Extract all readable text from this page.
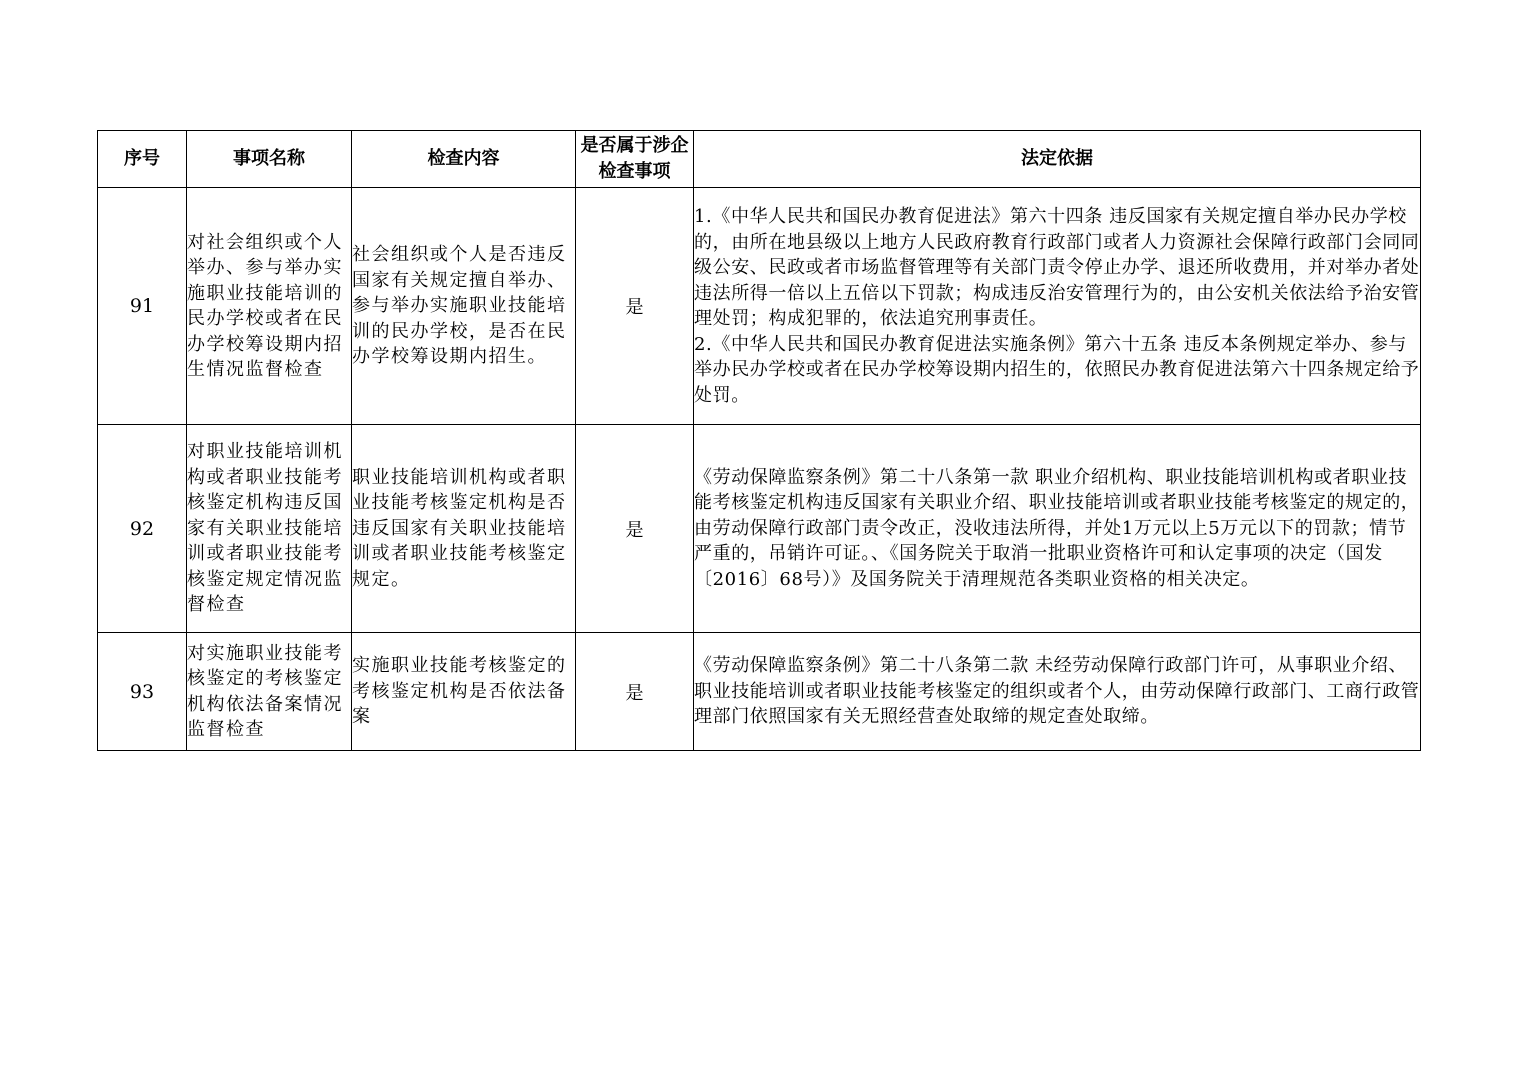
序号	事项名称	检查内容	是否属于涉企检查事项	法定依据
91	对社会组织或个人举办、参与举办实施职业技能培训的民办学校或者在民办学校筹设期内招生情况监督检查	社会组织或个人是否违反国家有关规定擅自举办、参与举办实施职业技能培训的民办学校，是否在民办学校筹设期内招生。	是	1.《中华人民共和国民办教育促进法》第六十四条 违反国家有关规定擅自举办民办学校的，由所在地县级以上地方人民政府教育行政部门或者人力资源社会保障行政部门会同同级公安、民政或者市场监督管理等有关部门责令停止办学、退还所收费用，并对举办者处违法所得一倍以上五倍以下罚款；构成违反治安管理行为的，由公安机关依法给予治安管理处罚；构成犯罪的，依法追究刑事责任。
2.《中华人民共和国民办教育促进法实施条例》第六十五条 违反本条例规定举办、参与举办民办学校或者在民办学校筹设期内招生的，依照民办教育促进法第六十四条规定给予处罚。

92	对职业技能培训机构或者职业技能考核鉴定机构违反国家有关职业技能培训或者职业技能考核鉴定规定情况监督检查	职业技能培训机构或者职业技能考核鉴定机构是否违反国家有关职业技能培训或者职业技能考核鉴定规定。	是	《劳动保障监察条例》第二十八条第一款 职业介绍机构、职业技能培训机构或者职业技能考核鉴定机构违反国家有关职业介绍、职业技能培训或者职业技能考核鉴定的规定的，由劳动保障行政部门责令改正，没收违法所得，并处1万元以上5万元以下的罚款；情节严重的，吊销许可证。、《国务院关于取消一批职业资格许可和认定事项的决定（国发〔2016〕68号）》及国务院关于清理规范各类职业资格的相关决定。

93	对实施职业技能考核鉴定的考核鉴定机构依法备案情况监督检查	实施职业技能考核鉴定的考核鉴定机构是否依法备案	是	《劳动保障监察条例》第二十八条第二款 未经劳动保障行政部门许可，从事职业介绍、职业技能培训或者职业技能考核鉴定的组织或者个人，由劳动保障行政部门、工商行政管理部门依照国家有关无照经营查处取缔的规定查处取缔。
